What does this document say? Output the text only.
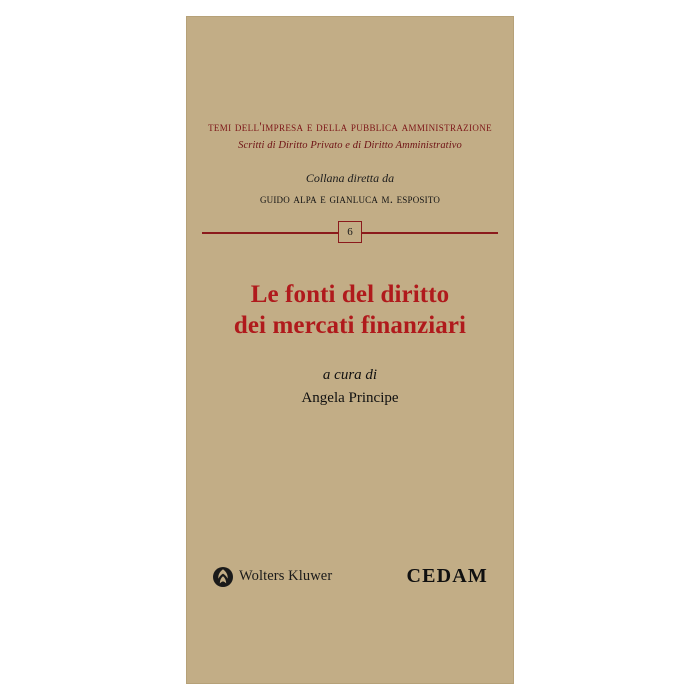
temi dell'impresa e della pubblica amministrazione
Scritti di Diritto Privato e di Diritto Amministrativo
Collana diretta da
guido alpa e gianluca m. esposito
6
Le fonti del diritto
dei mercati finanziari
a cura di
Angela Principe
Wolters Kluwer	CEDAM
